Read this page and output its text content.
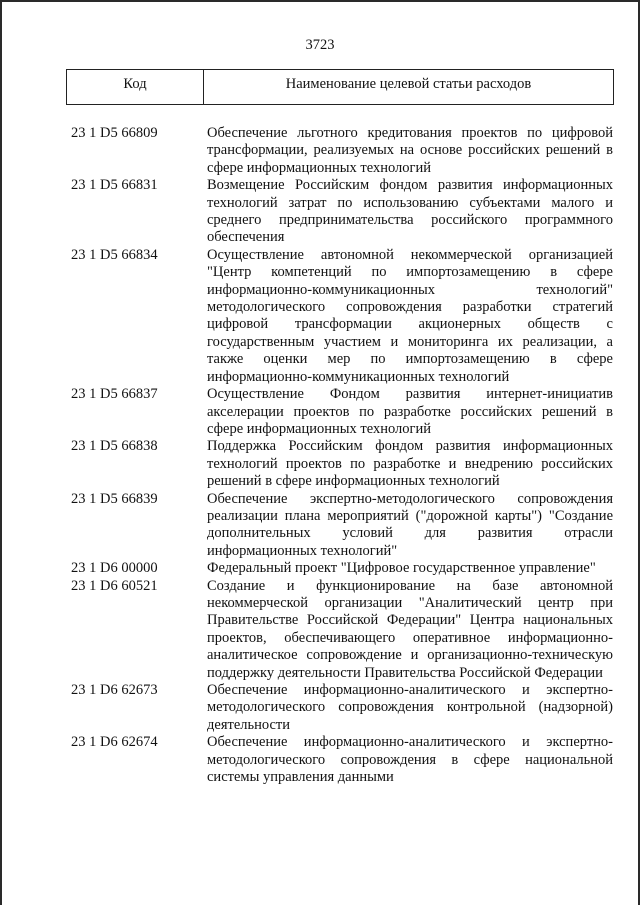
3723
Код	Наименование целевой статьи расходов
23 1 D5 66809	Обеспечение льготного кредитования проектов по цифровой трансформации, реализуемых на основе российских решений в сфере информационных технологий
23 1 D5 66831	Возмещение Российским фондом развития информационных технологий затрат по использованию субъектами малого и среднего предпринимательства российского программного обеспечения
23 1 D5 66834	Осуществление автономной некоммерческой организацией "Центр компетенций по импортозамещению в сфере информационно-коммуникационных технологий" методологического сопровождения разработки стратегий цифровой трансформации акционерных обществ с государственным участием и мониторинга их реализации, а также оценки мер по импортозамещению в сфере информационно-коммуникационных технологий
23 1 D5 66837	Осуществление Фондом развития интернет-инициатив акселерации проектов по разработке российских решений в сфере информационных технологий
23 1 D5 66838	Поддержка Российским фондом развития информационных технологий проектов по разработке и внедрению российских решений в сфере информационных технологий
23 1 D5 66839	Обеспечение экспертно-методологического сопровождения реализации плана мероприятий ("дорожной карты") "Создание дополнительных условий для развития отрасли информационных технологий"
23 1 D6 00000	Федеральный проект "Цифровое государственное управление"
23 1 D6 60521	Создание и функционирование на базе автономной некоммерческой организации "Аналитический центр при Правительстве Российской Федерации" Центра национальных проектов, обеспечивающего оперативное информационно-аналитическое сопровождение и организационно-техническую поддержку деятельности Правительства Российской Федерации
23 1 D6 62673	Обеспечение информационно-аналитического и экспертно-методологического сопровождения контрольной (надзорной) деятельности
23 1 D6 62674	Обеспечение информационно-аналитического и экспертно-методологического сопровождения в сфере национальной системы управления данными
